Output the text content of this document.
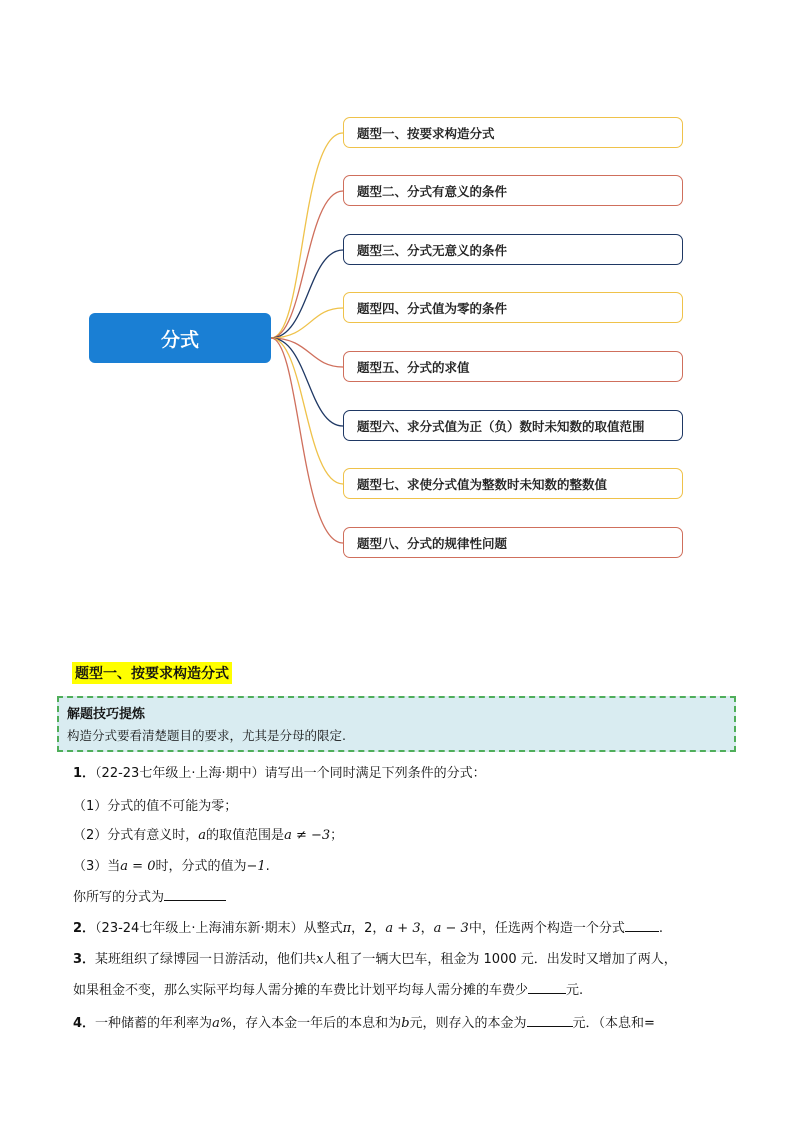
分式
题型一、按要求构造分式
题型二、分式有意义的条件
题型三、分式无意义的条件
题型四、分式值为零的条件
题型五、分式的求值
题型六、求分式值为正（负）数时未知数的取值范围
题型七、求使分式值为整数时未知数的整数值
题型八、分式的规律性问题
题型一、按要求构造分式
解题技巧提炼
构造分式要看清楚题目的要求，尤其是分母的限定.
1．（22-23七年级上·上海·期中）请写出一个同时满足下列条件的分式：
（1）分式的值不可能为零；
（2）分式有意义时，a的取值范围是a ≠ −3；
（3）当a = 0时，分式的值为−1.
你所写的分式为
2．（23-24七年级上·上海浦东新·期末）从整式π，2，a + 3，a − 3中，任选两个构造一个分式	.
3．某班组织了绿博园一日游活动，他们共x人租了一辆大巴车，租金为 1000 元．出发时又增加了两人，
如果租金不变，那么实际平均每人需分摊的车费比计划平均每人需分摊的车费少	元.
4．一种储蓄的年利率为a%，存入本金一年后的本息和为b元，则存入的本金为	元．（本息和=
